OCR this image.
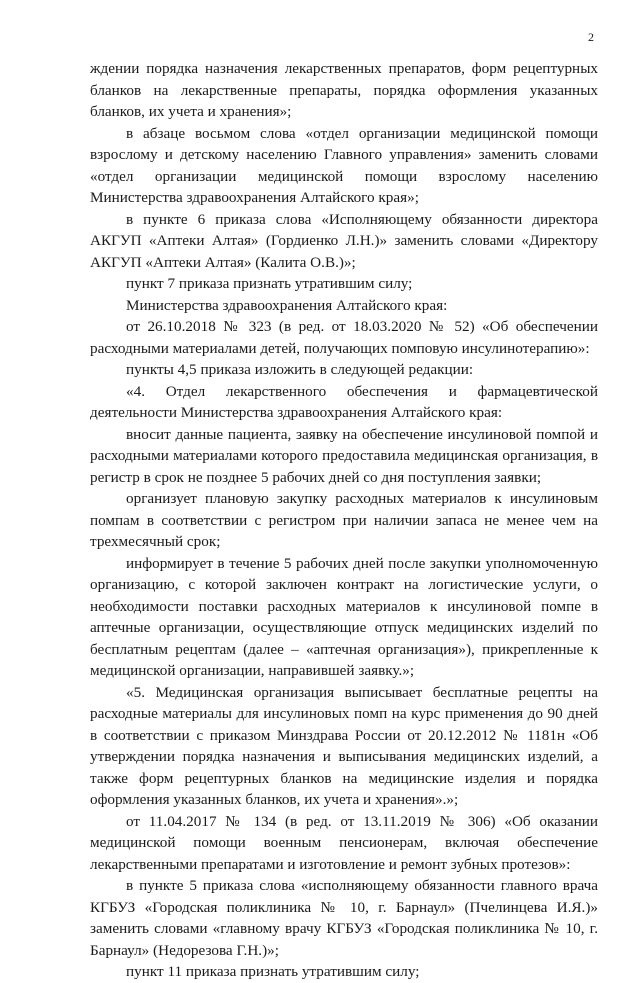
2

ждении порядка назначения лекарственных препаратов, форм рецептурных бланков на лекарственные препараты, порядка оформления указанных бланков, их учета и хранения»;

в абзаце восьмом слова «отдел организации медицинской помощи взрослому и детскому населению Главного управления» заменить словами «отдел организации медицинской помощи взрослому населению Министерства здравоохранения Алтайского края»;

в пункте 6 приказа слова «Исполняющему обязанности директора АКГУП «Аптеки Алтая» (Гордиенко Л.Н.)» заменить словами «Директору АКГУП «Аптеки Алтая» (Калита О.В.)»;

пункт 7 приказа признать утратившим силу;

Министерства здравоохранения Алтайского края:

от 26.10.2018 № 323 (в ред. от 18.03.2020 № 52) «Об обеспечении расходными материалами детей, получающих помповую инсулинотерапию»:

пункты 4,5 приказа изложить в следующей редакции:

«4. Отдел лекарственного обеспечения и фармацевтической деятельности Министерства здравоохранения Алтайского края:

вносит данные пациента, заявку на обеспечение инсулиновой помпой и расходными материалами которого предоставила медицинская организация, в регистр в срок не позднее 5 рабочих дней со дня поступления заявки;

организует плановую закупку расходных материалов к инсулиновым помпам в соответствии с регистром при наличии запаса не менее чем на трехмесячный срок;

информирует в течение 5 рабочих дней после закупки уполномоченную организацию, с которой заключен контракт на логистические услуги, о необходимости поставки расходных материалов к инсулиновой помпе в аптечные организации, осуществляющие отпуск медицинских изделий по бесплатным рецептам (далее – «аптечная организация»), прикрепленные к медицинской организации, направившей заявку.»;

«5. Медицинская организация выписывает бесплатные рецепты на расходные материалы для инсулиновых помп на курс применения до 90 дней в соответствии с приказом Минздрава России от 20.12.2012 № 1181н «Об утверждении порядка назначения и выписывания медицинских изделий, а также форм рецептурных бланков на медицинские изделия и порядка оформления указанных бланков, их учета и хранения».»;

от 11.04.2017 № 134 (в ред. от 13.11.2019 № 306) «Об оказании медицинской помощи военным пенсионерам, включая обеспечение лекарственными препаратами и изготовление и ремонт зубных протезов»:

в пункте 5 приказа слова «исполняющему обязанности главного врача КГБУЗ «Городская поликлиника № 10, г. Барнаул» (Пчелинцева И.Я.)» заменить словами «главному врачу КГБУЗ «Городская поликлиника № 10, г. Барнаул» (Недорезова Г.Н.)»;

пункт 11 приказа признать утратившим силу;
